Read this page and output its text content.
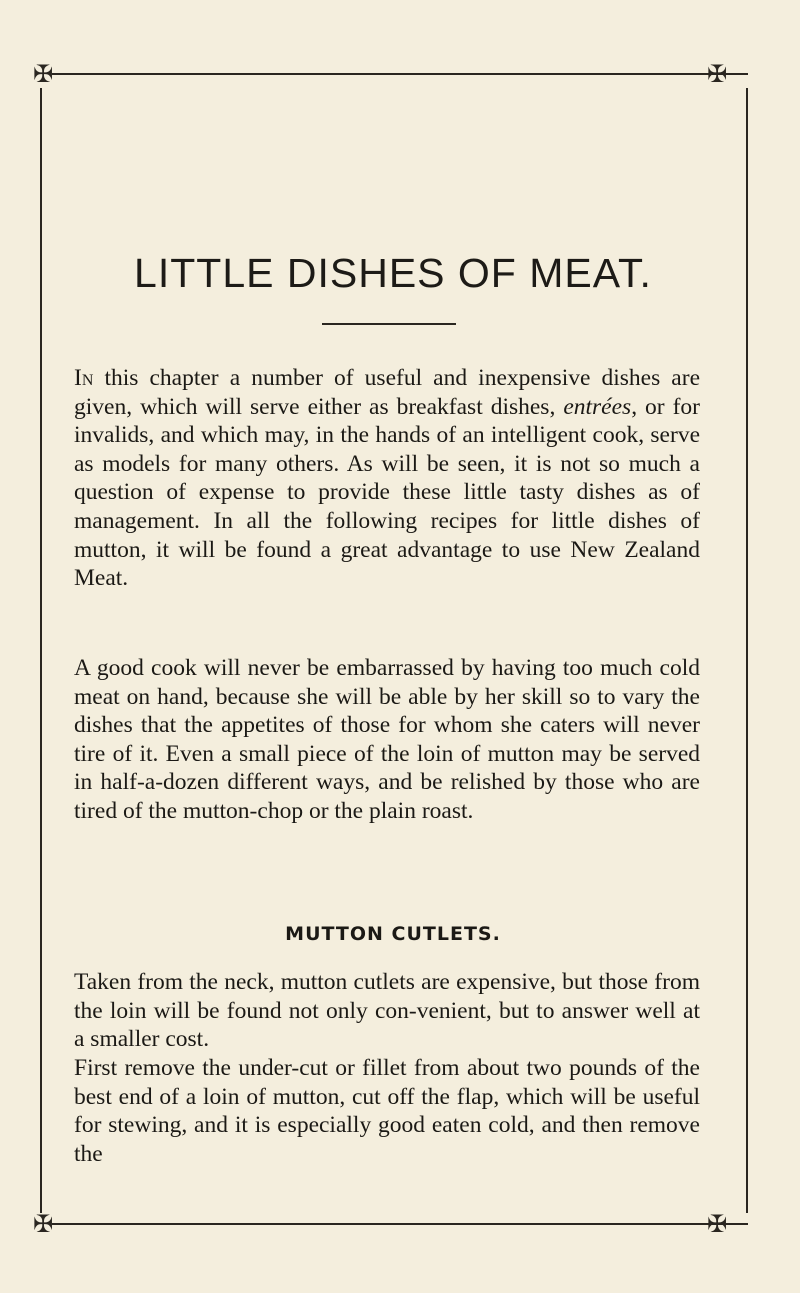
✠	✠
✠	✠
LITTLE DISHES OF MEAT.

In this chapter a number of useful and inexpensive dishes are given, which will serve either as breakfast dishes, entrées, or for invalids, and which may, in the hands of an intelligent cook, serve as models for many others. As will be seen, it is not so much a question of expense to provide these little tasty dishes as of management. In all the following recipes for little dishes of mutton, it will be found a great advantage to use New Zealand Meat.

A good cook will never be embarrassed by having too much cold meat on hand, because she will be able by her skill so to vary the dishes that the appetites of those for whom she caters will never tire of it. Even a small piece of the loin of mutton may be served in half-a-dozen different ways, and be relished by those who are tired of the mutton-chop or the plain roast.

MUTTON CUTLETS.

Taken from the neck, mutton cutlets are expensive, but those from the loin will be found not only con-venient, but to answer well at a smaller cost.

First remove the under-cut or fillet from about two pounds of the best end of a loin of mutton, cut off the flap, which will be useful for stewing, and it is especially good eaten cold, and then remove the
